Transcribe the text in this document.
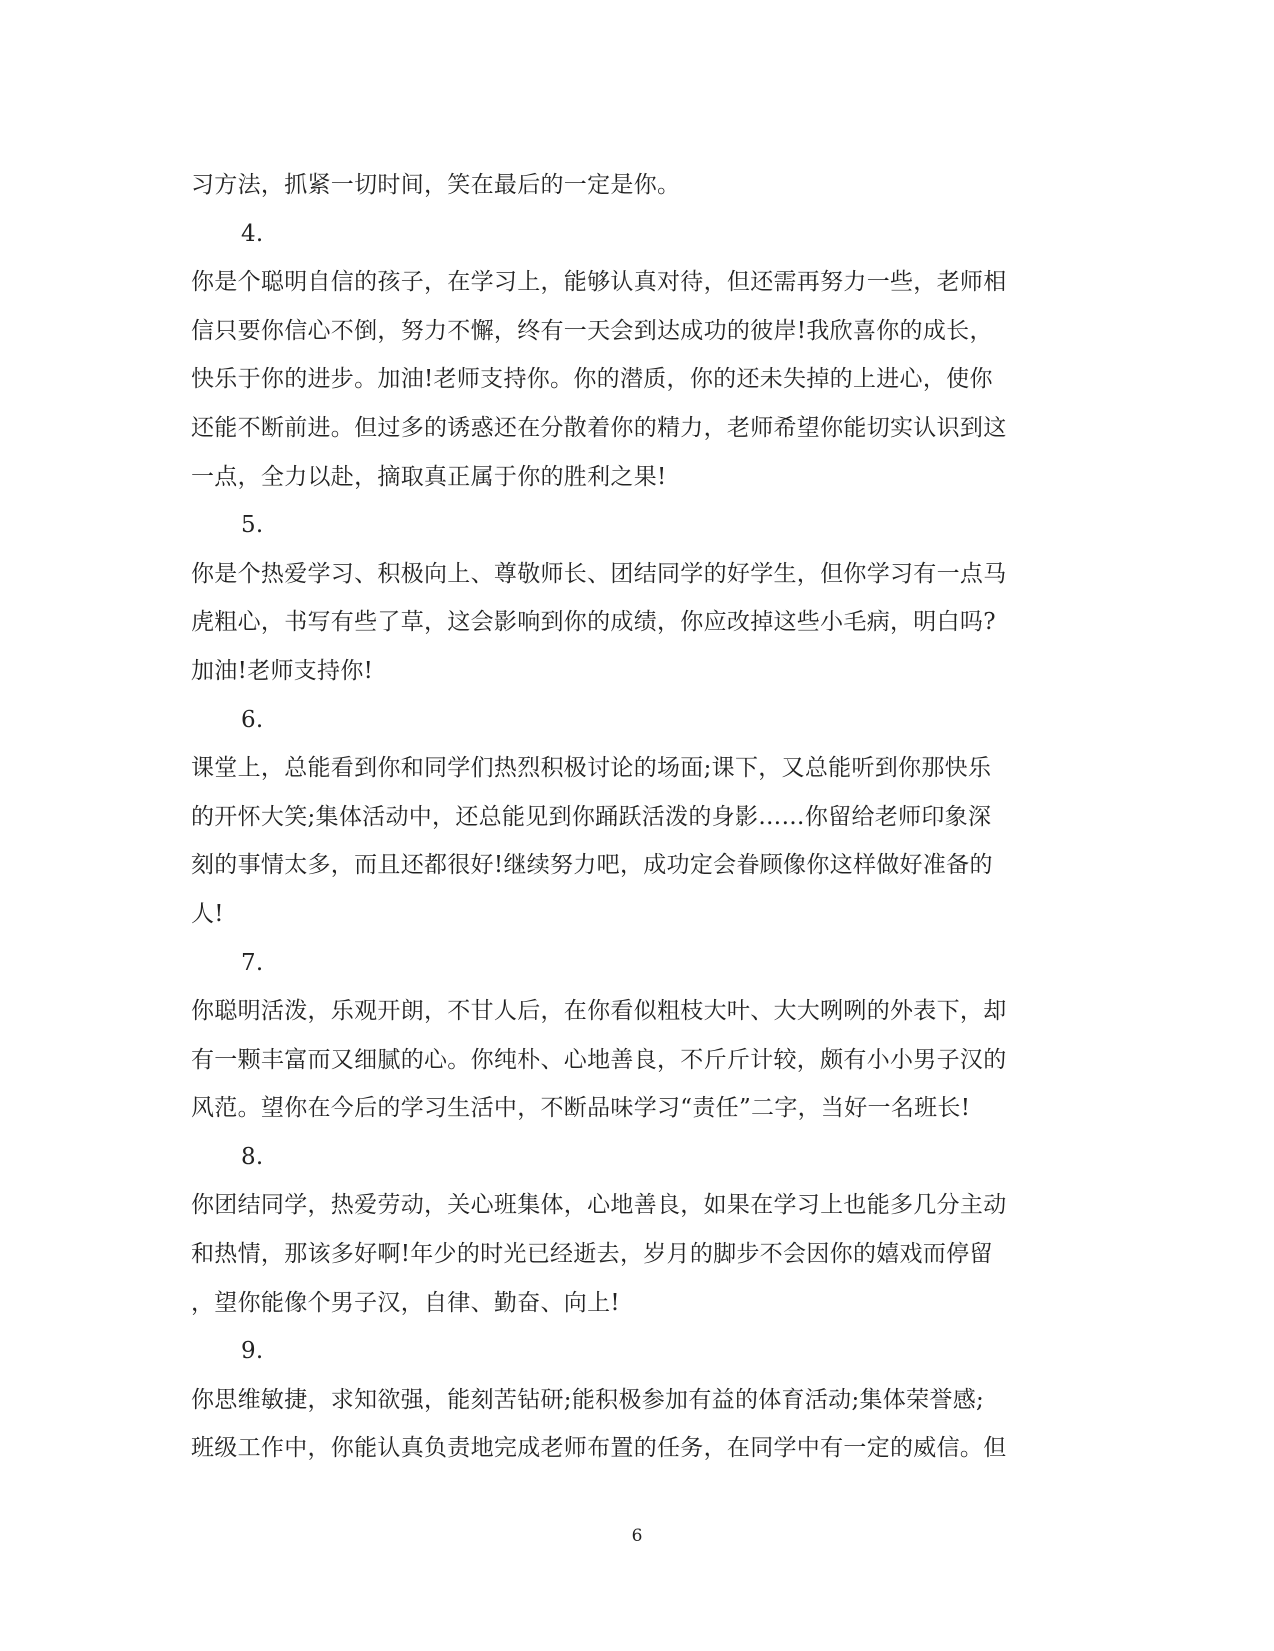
习方法，抓紧一切时间，笑在最后的一定是你。
4.
你是个聪明自信的孩子，在学习上，能够认真对待，但还需再努力一些，老师相
信只要你信心不倒，努力不懈，终有一天会到达成功的彼岸!我欣喜你的成长，
快乐于你的进步。加油!老师支持你。你的潜质，你的还未失掉的上进心，使你
还能不断前进。但过多的诱惑还在分散着你的精力，老师希望你能切实认识到这
一点，全力以赴，摘取真正属于你的胜利之果!
5.
你是个热爱学习、积极向上、尊敬师长、团结同学的好学生，但你学习有一点马
虎粗心，书写有些了草，这会影响到你的成绩，你应改掉这些小毛病，明白吗?
加油!老师支持你!
6.
课堂上，总能看到你和同学们热烈积极讨论的场面;课下，又总能听到你那快乐
的开怀大笑;集体活动中，还总能见到你踊跃活泼的身影……你留给老师印象深
刻的事情太多，而且还都很好!继续努力吧，成功定会眷顾像你这样做好准备的
人!
7.
你聪明活泼，乐观开朗，不甘人后，在你看似粗枝大叶、大大咧咧的外表下，却
有一颗丰富而又细腻的心。你纯朴、心地善良，不斤斤计较，颇有小小男子汉的
风范。望你在今后的学习生活中，不断品味学习“责任”二字，当好一名班长!
8.
你团结同学，热爱劳动，关心班集体，心地善良，如果在学习上也能多几分主动
和热情，那该多好啊!年少的时光已经逝去，岁月的脚步不会因你的嬉戏而停留
，望你能像个男子汉，自律、勤奋、向上!
9.
你思维敏捷，求知欲强，能刻苦钻研;能积极参加有益的体育活动;集体荣誉感;
班级工作中，你能认真负责地完成老师布置的任务，在同学中有一定的威信。但
6
